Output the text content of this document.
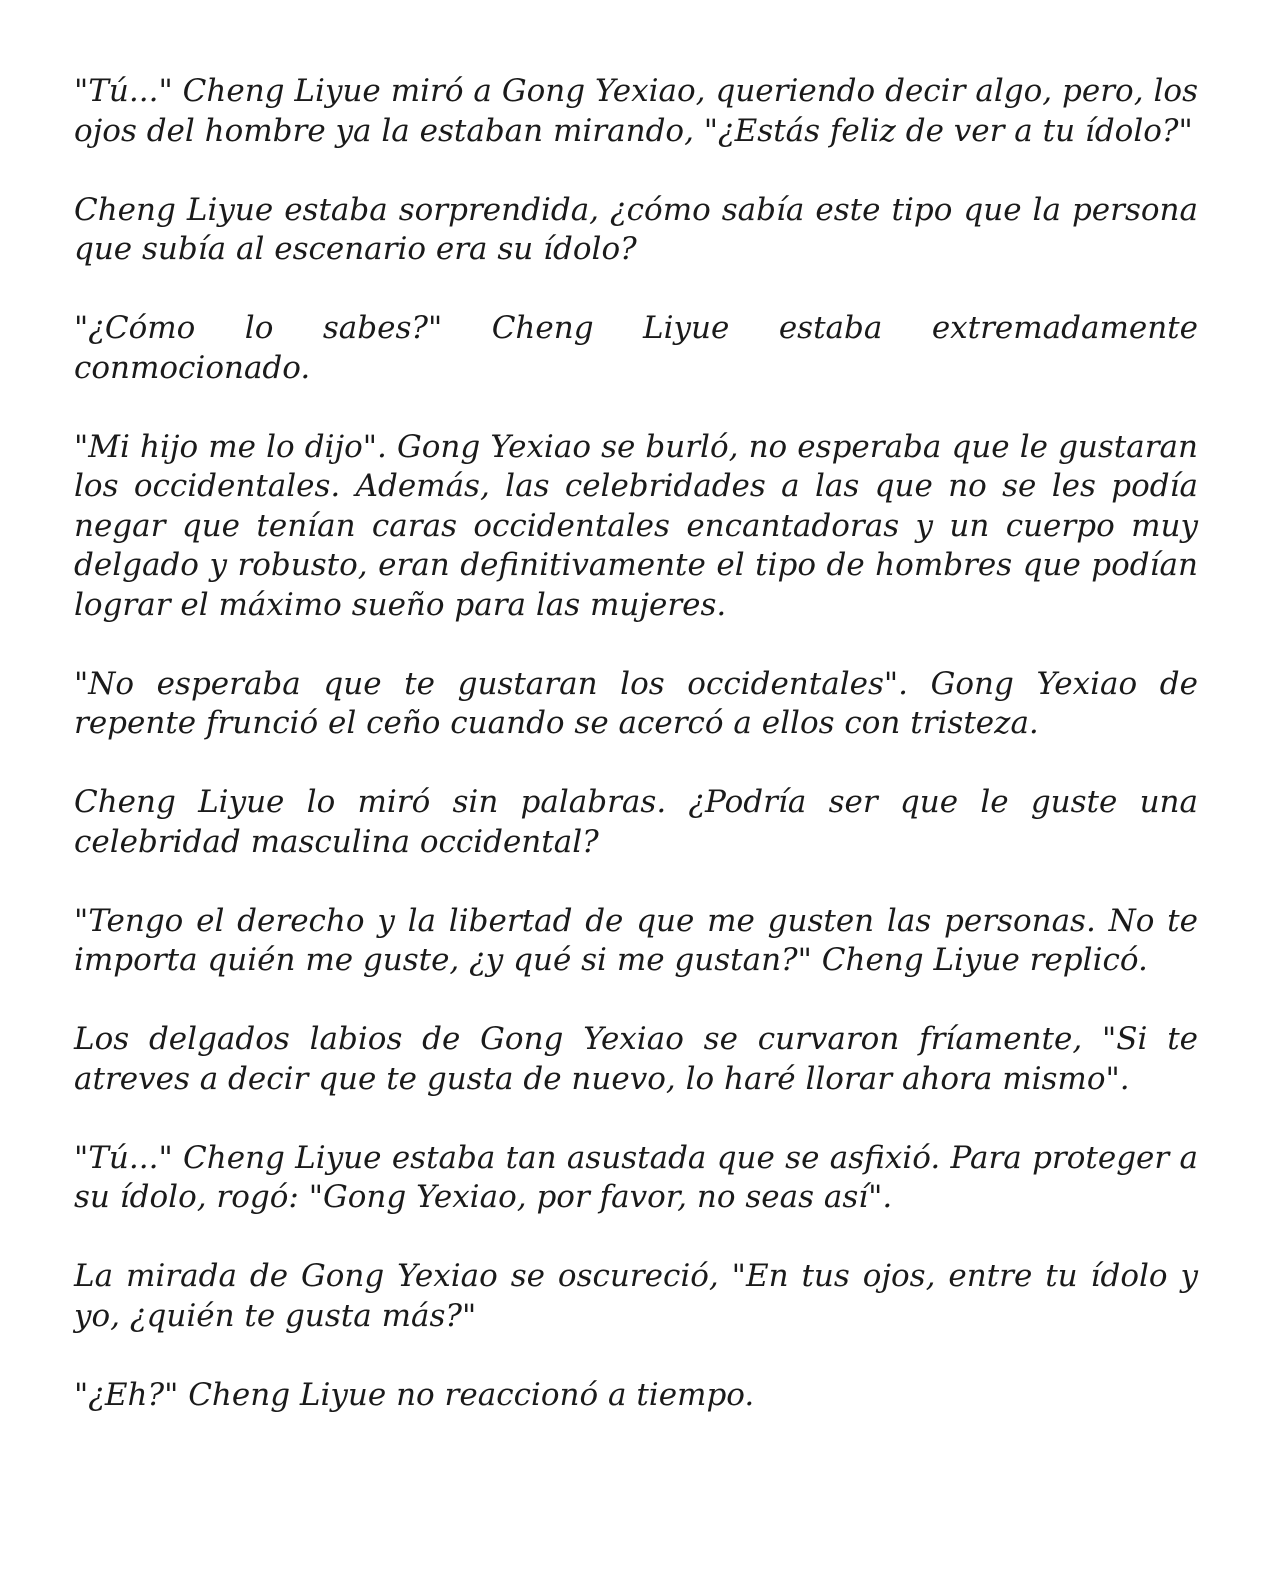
"Tú..." Cheng Liyue miró a Gong Yexiao, queriendo decir algo, pero, los ojos del hombre ya la estaban mirando, "¿Estás feliz de ver a tu ídolo?"

Cheng Liyue estaba sorprendida, ¿cómo sabía este tipo que la persona que subía al escenario era su ídolo?

"¿Cómo lo sabes?" Cheng Liyue estaba extremadamente conmocionado.

"Mi hijo me lo dijo". Gong Yexiao se burló, no esperaba que le gustaran los occidentales. Además, las celebridades a las que no se les podía negar que tenían caras occidentales encantadoras y un cuerpo muy delgado y robusto, eran definitivamente el tipo de hombres que podían lograr el máximo sueño para las mujeres.

"No esperaba que te gustaran los occidentales". Gong Yexiao de repente frunció el ceño cuando se acercó a ellos con tristeza.

Cheng Liyue lo miró sin palabras. ¿Podría ser que le guste una celebridad masculina occidental?

"Tengo el derecho y la libertad de que me gusten las personas. No te importa quién me guste, ¿y qué si me gustan?" Cheng Liyue replicó.

Los delgados labios de Gong Yexiao se curvaron fríamente, "Si te atreves a decir que te gusta de nuevo, lo haré llorar ahora mismo".

"Tú..." Cheng Liyue estaba tan asustada que se asfixió. Para proteger a su ídolo, rogó: "Gong Yexiao, por favor, no seas así".

La mirada de Gong Yexiao se oscureció, "En tus ojos, entre tu ídolo y yo, ¿quién te gusta más?"

"¿Eh?" Cheng Liyue no reaccionó a tiempo.
